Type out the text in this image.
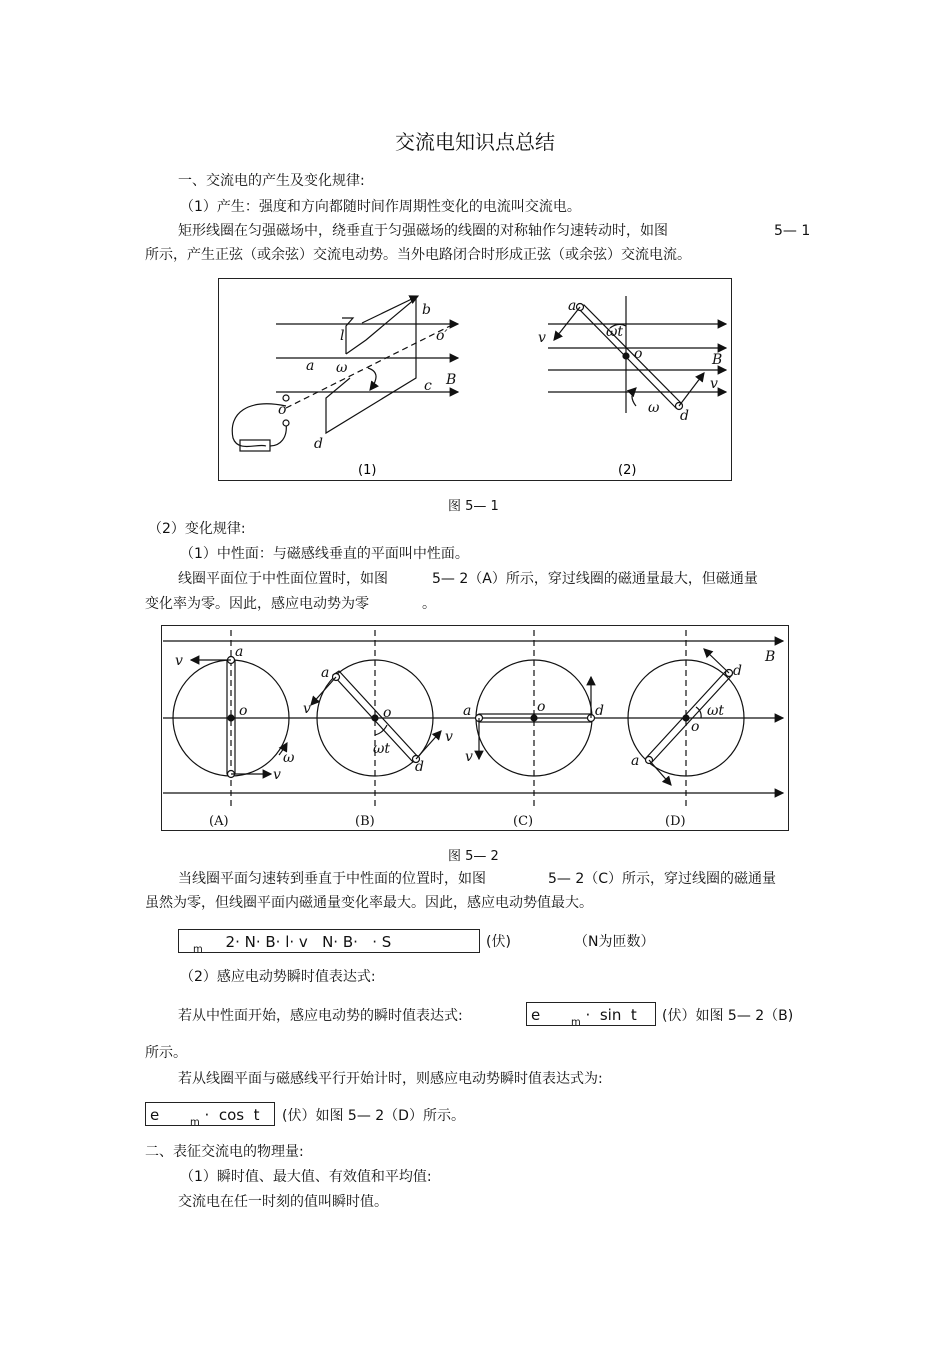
交流电知识点总结
一、交流电的产生及变化规律:
（1）产生：强度和方向都随时间作周期性变化的电流叫交流电。
矩形线圈在匀强磁场中，绕垂直于匀强磁场的线圈的对称轴作匀速转动时，如图	5— 1
所示，产生正弦（或余弦）交流电动势。当外电路闭合时形成正弦（或余弦）交流电流。
b
l
a ω
o′
B
c
o
d
(1)
a
v	ωt
o	B
v
ω d
(2)
图 5— 1
（2）变化规律:
（1）中性面：与磁感线垂直的平面叫中性面。
线圈平面位于中性面位置时，如图	5— 2（A）所示，穿过线圈的磁通量最大，但磁通量
变化率为零。因此，感应电动势为零	。
a
v
o
ω
v
a
v	o
ωt
v
d
a	d
o
v	a
d
ωt
o
B
(A)	(B)	(C)	(D)
图 5— 2
当线圈平面匀速转到垂直于中性面的位置时，如图	5— 2（C）所示，穿过线圈的磁通量
虽然为零，但线圈平面内磁通量变化率最大。因此，感应电动势值最大。
m 2· N· B· l· v   N· B·   · S	(伏)	（N为匝数）
（2）感应电动势瞬时值表达式:
若从中性面开始，感应电动势的瞬时值表达式:	e	m ·  sin  t	(伏）如图 5— 2（B)
所示。
若从线圈平面与磁感线平行开始计时，则感应电动势瞬时值表达式为:
e	m ·  cos  t	(伏）如图 5— 2（D）所示。
二、表征交流电的物理量:
（1）瞬时值、最大值、有效值和平均值:
交流电在任一时刻的值叫瞬时值。
